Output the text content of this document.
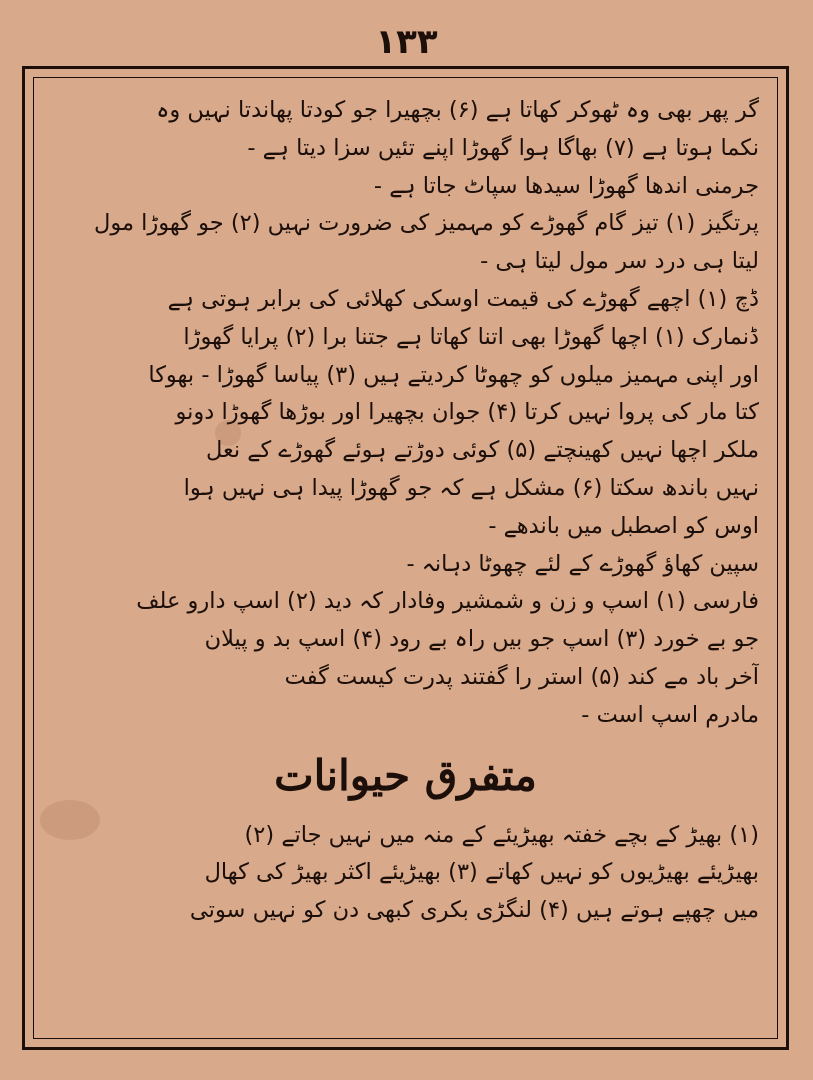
۱۳۳
گر پھر بھی وہ ٹھوکر کھاتا ہے (۶) بچھیرا جو کودتا پھاندتا نہیں وہ
نکما ہوتا ہے (۷) بھاگا ہوا گھوڑا اپنے تئیں سزا دیتا ہے -
جرمنی اندھا گھوڑا سیدھا سپاٹ جاتا ہے -
پرتگیز (۱) تیز گام گھوڑے کو مہمیز کی ضرورت نہیں (۲) جو گھوڑا مول
لیتا ہی درد سر مول لیتا ہی -
ڈچ (۱) اچھے گھوڑے کی قیمت اوسکی کھلائی کی برابر ہوتی ہے
ڈنمارک (۱) اچھا گھوڑا بھی اتنا کھاتا ہے جتنا برا (۲) پرایا گھوڑا
اور اپنی مہمیز میلوں کو چھوٹا کردیتے ہیں (۳) پیاسا گھوڑا - بھوکا
کتا مار کی پروا نہیں کرتا (۴) جوان بچھیرا اور بوڑھا گھوڑا دونو
ملکر اچھا نہیں کھینچتے (۵) کوئی دوڑتے ہوئے گھوڑے کے نعل
نہیں باندھ سکتا (۶) مشکل ہے کہ جو گھوڑا پیدا ہی نہیں ہوا
اوس کو اصطبل میں باندھے -
سپین کھاؤ گھوڑے کے لئے چھوٹا دہانہ -
فارسی (۱) اسپ و زن و شمشیر وفادار کہ دید (۲) اسپ دارو علف
جو بے خورد (۳) اسپ جو بیں راہ بے رود (۴) اسپ بد و پیلان
آخر باد مے کند (۵) استر را گفتند پدرت کیست گفت
مادرم اسپ است -
متفرق حیوانات
(۱) بھیڑ کے بچے خفتہ بھیڑیئے کے منہ میں نہیں جاتے (۲)
بھیڑیئے بھیڑیوں کو نہیں کھاتے (۳) بھیڑیئے اکثر بھیڑ کی کھال
میں چھپے ہوتے ہیں (۴) لنگڑی بکری کبھی دن کو نہیں سوتی
